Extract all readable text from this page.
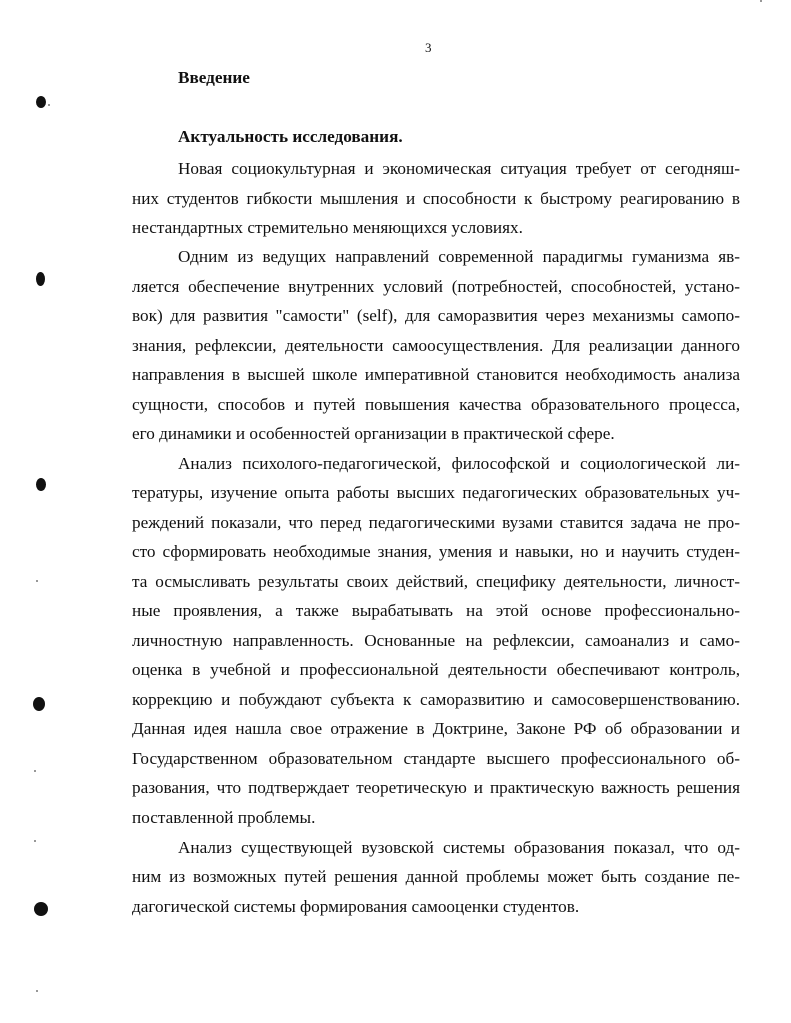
3
Введение
Актуальность исследования.
Новая социокультурная и экономическая ситуация требует от сегодняш-
них студентов гибкости мышления и способности к быстрому реагированию в
нестандартных стремительно меняющихся условиях.
Одним из ведущих направлений современной парадигмы гуманизма яв-
ляется обеспечение внутренних условий (потребностей, способностей, устано-
вок) для развития "самости" (self), для саморазвития через механизмы самопо-
знания, рефлексии, деятельности самоосуществления. Для реализации данного
направления в высшей школе императивной становится необходимость анализа
сущности, способов и путей повышения качества образовательного процесса,
его динамики и особенностей организации в практической сфере.
Анализ психолого-педагогической, философской и социологической ли-
тературы, изучение опыта работы высших педагогических образовательных уч-
реждений показали, что перед педагогическими вузами ставится задача не про-
сто сформировать необходимые знания, умения и навыки, но и научить студен-
та осмысливать результаты своих действий, специфику деятельности, личност-
ные проявления, а также вырабатывать на этой основе профессионально-
личностную направленность. Основанные на рефлексии, самоанализ и само-
оценка в учебной и профессиональной деятельности обеспечивают контроль,
коррекцию и побуждают субъекта к саморазвитию и самосовершенствованию.
Данная идея нашла свое отражение в Доктрине, Законе РФ об образовании и
Государственном образовательном стандарте высшего профессионального об-
разования, что подтверждает теоретическую и практическую важность решения
поставленной проблемы.
Анализ существующей вузовской системы образования показал, что од-
ним из возможных путей решения данной проблемы может быть создание пе-
дагогической системы формирования самооценки студентов.
